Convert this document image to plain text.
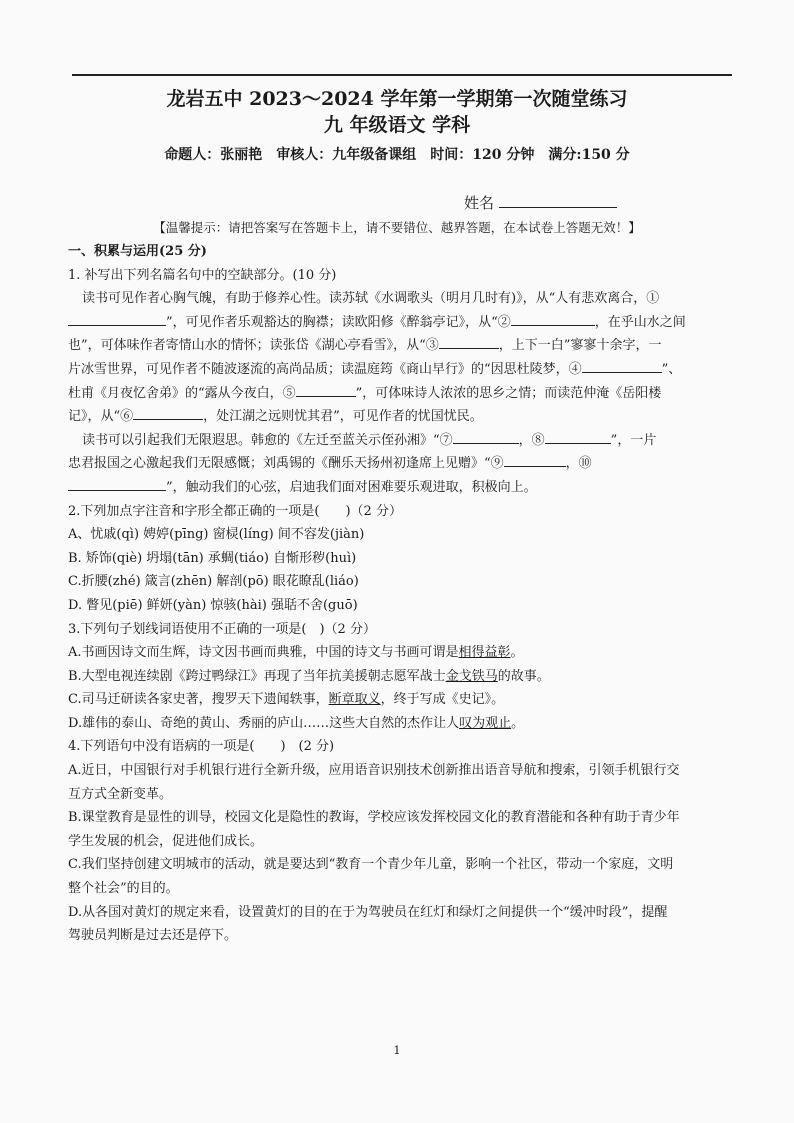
龙岩五中 2023～2024 学年第一学期第一次随堂练习
九 年级语文 学科
命题人：张丽艳　审核人：九年级备课组　时间：120 分钟　满分:150 分
姓名
【温馨提示：请把答案写在答题卡上，请不要错位、越界答题，在本试卷上答题无效！】

一、积累与运用(25 分)

1. 补写出下列名篇名句中的空缺部分。(10 分)

读书可见作者心胸气魄，有助于修养心性。读苏轼《水调歌头（明月几时有)》，从“人有悲欢离合，①

”，可见作者乐观豁达的胸襟；读欧阳修《醉翁亭记》，从“②	，在乎山水之间

也”，可体味作者寄情山水的情怀；读张岱《湖心亭看雪》，从“③	，上下一白”寥寥十余字，一

片冰雪世界，可见作者不随波逐流的高尚品质；读温庭筠《商山早行》的“因思杜陵梦，④	”、

杜甫《月夜忆舍弟》的“露从今夜白，⑤	”，可体味诗人浓浓的思乡之情；而读范仲淹《岳阳楼

记》，从“⑥	，处江湖之远则忧其君”，可见作者的忧国忧民。

读书可以引起我们无限遐思。韩愈的《左迁至蓝关示侄孙湘》“⑦	，⑧	”，一片

忠君报国之心激起我们无限感慨；刘禹锡的《酬乐天扬州初逢席上见赠》“⑨	，⑩

”，触动我们的心弦，启迪我们面对困难要乐观进取，积极向上。

2.下列加点字注音和字形全都正确的一项是(　　)（2 分）

A、忧戚(qì) 娉婷(pīng) 窗棂(líng) 间不容发(jiàn)

B. 矫饰(qiè) 坍塌(tān) 承蜩(tiáo) 自惭形秽(huì)

C.折腰(zhé) 箴言(zhēn) 解剖(pō) 眼花瞭乱(liáo)

D. 瞥见(piē) 鲜妍(yàn) 惊骇(hài) 强聒不舍(guō)

3.下列句子划线词语使用不正确的一项是(　)（2 分）

A.书画因诗文而生辉，诗文因书画而典雅，中国的诗文与书画可谓是相得益彰。

B.大型电视连续剧《跨过鸭绿江》再现了当年抗美援朝志愿军战士金戈铁马的故事。

C.司马迁研读各家史著，搜罗天下遗闻轶事，断章取义，终于写成《史记》。

D.雄伟的泰山、奇绝的黄山、秀丽的庐山……这些大自然的杰作让人叹为观止。

4.下列语句中没有语病的一项是(　　)　(2 分)

A.近日，中国银行对手机银行进行全新升级，应用语音识别技术创新推出语音导航和搜索，引领手机银行交

互方式全新变革。

B.课堂教育是显性的训导，校园文化是隐性的教诲，学校应该发挥校园文化的教育潜能和各种有助于青少年

学生发展的机会，促进他们成长。

C.我们坚持创建文明城市的活动，就是要达到“教育一个青少年儿童，影响一个社区，带动一个家庭，文明

整个社会”的目的。

D.从各国对黄灯的规定来看，设置黄灯的目的在于为驾驶员在红灯和绿灯之间提供一个“缓冲时段”，提醒

驾驶员判断是过去还是停下。

1
